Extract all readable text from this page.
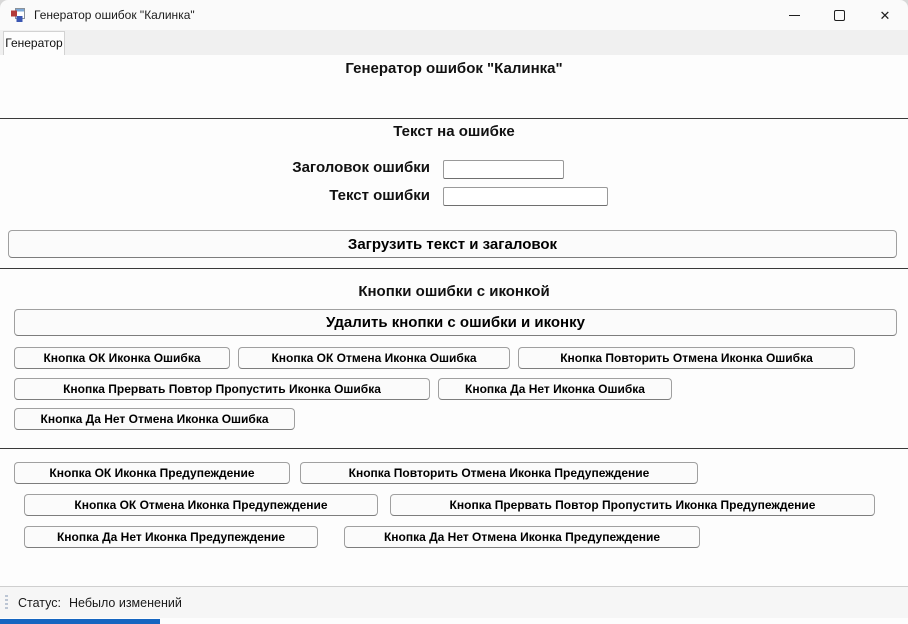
Генератор ошибок "Калинка"	✕
Генератор
Генератор ошибок "Калинка"
Текст на ошибке
Заголовок ошибки
Текст ошибки
Загрузить текст и загаловок
Кнопки ошибки с иконкой
Удалить кнопки с ошибки и иконку
Кнопка ОК Иконка Ошибка	Кнопка ОК Отмена Иконка Ошибка	Кнопка Повторить Отмена Иконка Ошибка
Кнопка Прервать Повтор Пропустить Иконка Ошибка	Кнопка Да Нет Иконка Ошибка
Кнопка Да Нет Отмена Иконка Ошибка
Кнопка ОК Иконка Предупеждение	Кнопка Повторить Отмена Иконка Предупеждение
Кнопка ОК Отмена Иконка Предупеждение	Кнопка Прервать Повтор Пропустить Иконка Предупеждение
Кнопка Да Нет Иконка Предупеждение	Кнопка Да Нет Отмена Иконка Предупеждение
Статус: Небыло изменений
